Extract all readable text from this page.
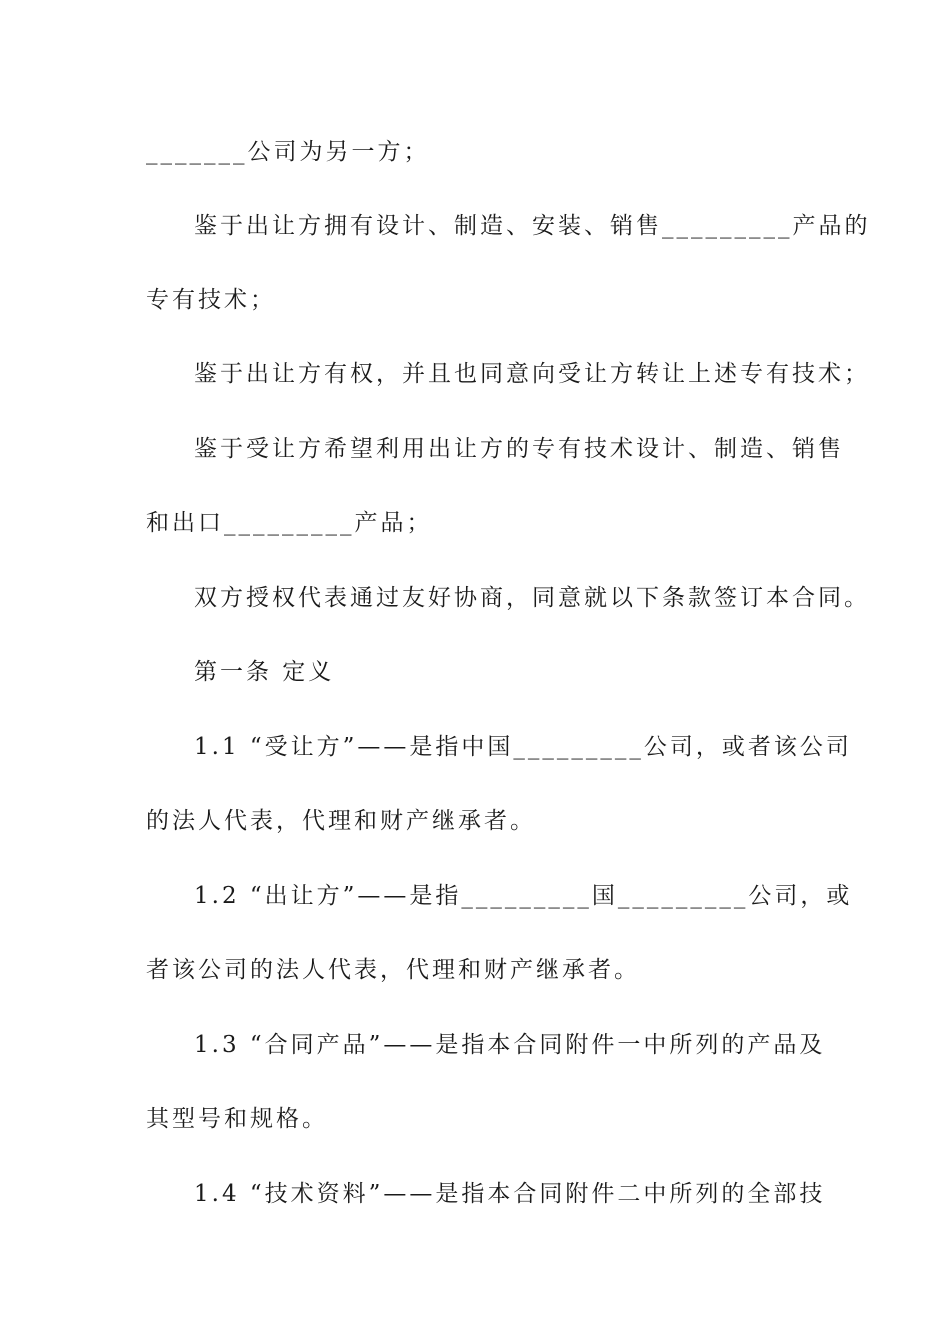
_______公司为另一方；
鉴于出让方拥有设计、制造、安装、销售_________产品的
专有技术；
鉴于出让方有权，并且也同意向受让方转让上述专有技术；
鉴于受让方希望利用出让方的专有技术设计、制造、销售
和出口_________产品；
双方授权代表通过友好协商，同意就以下条款签订本合同。
第一条 定义
1.1 “受让方”——是指中国_________公司，或者该公司
的法人代表，代理和财产继承者。
1.2 “出让方”——是指_________国_________公司，或
者该公司的法人代表，代理和财产继承者。
1.3 “合同产品”——是指本合同附件一中所列的产品及
其型号和规格。
1.4 “技术资料”——是指本合同附件二中所列的全部技
